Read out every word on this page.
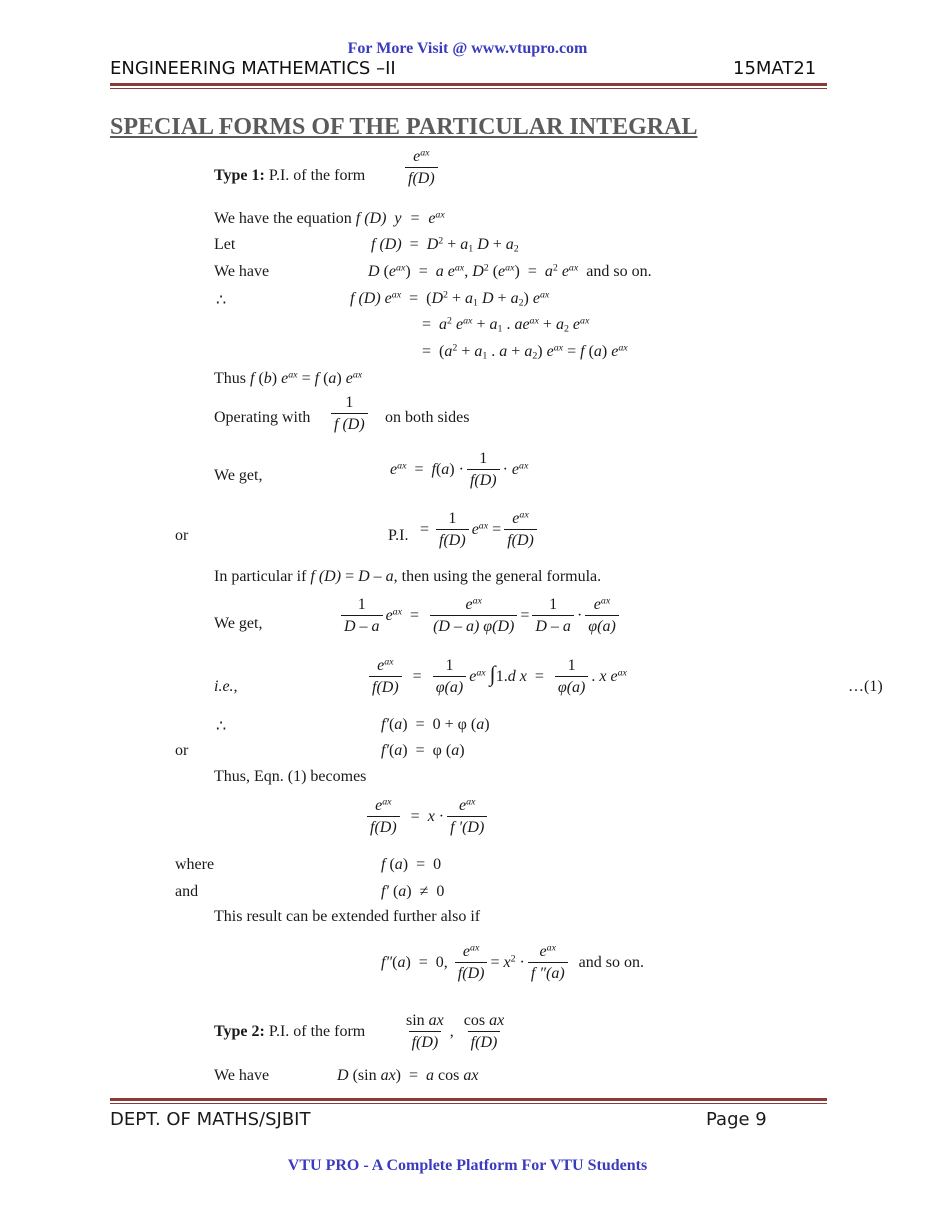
For More Visit @ www.vtupro.com
ENGINEERING MATHEMATICS –II	15MAT21
SPECIAL FORMS OF THE PARTICULAR INTEGRAL
Type 1: P.I. of the form $\frac{e^{ax}}{f(D)}$
We have the equation f (D)  $y = e^{ax}$
Let	f $(D) = D^2 + a_1$ $D + a_2$
We have	D $(e^{ax}) = a$ $e^{ax}$, $D^2$ $(e^{ax}) = a^2$ $e^{ax}$ and so on.
∴	f (D) $e^{ax} = (D^2 + a_1$ $D + a_2$) $e^{ax}$
=  $a^2$ $e^{ax} + a_1$ . $ae^{ax} + a_2$ $e^{ax}$
=  ($a^2 + a_1$ . $a + a_2$) $e^{ax} = f$ (a) $e^{ax}$
Thus f (b) $e^{ax} = f$ (a) $e^{ax}$
Operating with $\frac{1}{f (D)}$ on both sides
We get,	$e^{ax} = f(a) \cdot \frac{1}{f(D)} \cdot e^{ax}$
or	P.I. = $\frac{1}{f(D)} e^{ax} = \frac{e^{ax}}{f(D)}$
In particular if f (D) = D – a, then using the general formula.
We get,	$\frac{1}{D - a} e^{ax} = \frac{e^{ax}}{(D - a) \varphi(D)} = \frac{1}{D - a} \cdot \frac{e^{ax}}{\varphi(a)}$
i.e.,	$\frac{e^{ax}}{f(D)} = \frac{1}{\varphi(a)} e^{ax}$ ∫1.d $x = \frac{1}{\varphi(a)}$ . x $e^{ax}$
…(1)
∴	f′(a)  =  0 + φ (a)
or	f′(a)  =  φ (a)
Thus, Eqn. (1) becomes
$\frac{e^{ax}}{f(D)} = x \cdot \frac{e^{ax}}{f '(D)}$
where	f (a)  =  0
and	f′ (a)  ≠  0
This result can be extended further also if
f″(a)  =  0, $\frac{e^{ax}}{f(D)} = x^2 \cdot \frac{e^{ax}}{f ''(a)}$ and so on.
Type 2: P.I. of the form $\frac{\text{sin ax}}{f(D)}$ , $\frac{\text{cos ax}}{f(D)}$
We have	D (sin ax)  =  a cos ax
DEPT. OF MATHS/SJBIT	Page 9
VTU PRO - A Complete Platform For VTU Students
